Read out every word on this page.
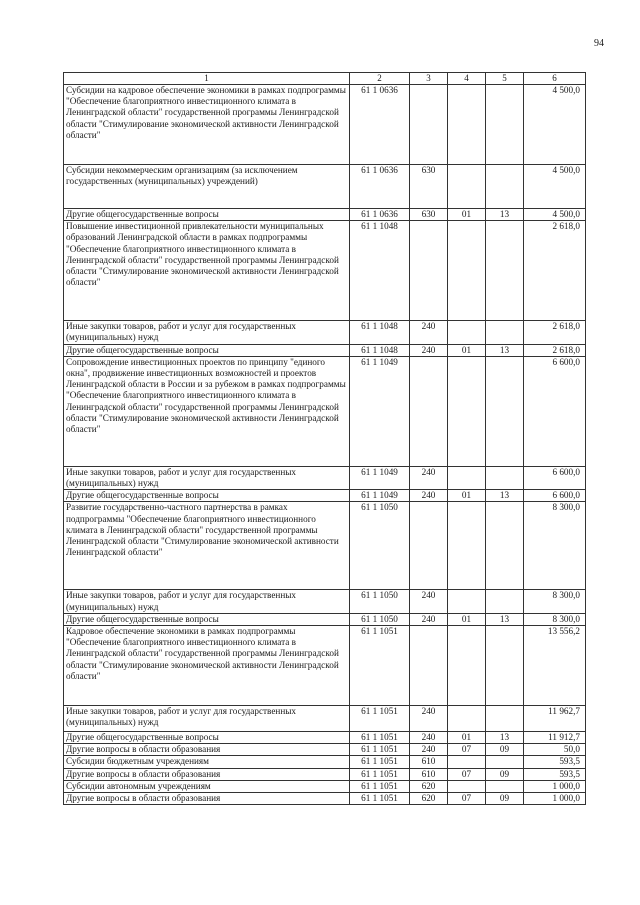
94
1	2	3	4	5	6
Субсидии на кадровое обеспечение экономики в рамках подпрограммы "Обеспечение благоприятного инвестиционного климата в Ленинградской области" государственной программы Ленинградской области "Стимулирование экономической активности Ленинградской области"	61 1 0636				4 500,0
Субсидии некоммерческим организациям (за исключением государственных (муниципальных) учреждений)	61 1 0636	630			4 500,0
Другие общегосударственные вопросы	61 1 0636	630	01	13	4 500,0
Повышение инвестиционной привлекательности муниципальных образований Ленинградской области в рамках подпрограммы "Обеспечение благоприятного инвестиционного климата в Ленинградской области" государственной программы Ленинградской области "Стимулирование экономической активности Ленинградской области"	61 1 1048				2 618,0
Иные закупки товаров, работ и услуг для государственных (муниципальных) нужд	61 1 1048	240			2 618,0
Другие общегосударственные вопросы	61 1 1048	240	01	13	2 618,0
Сопровождение инвестиционных проектов по принципу "единого окна", продвижение инвестиционных возможностей и проектов Ленинградской области в России и за рубежом в рамках подпрограммы "Обеспечение благоприятного инвестиционного климата в Ленинградской области" государственной программы Ленинградской области "Стимулирование экономической активности Ленинградской области"	61 1 1049				6 600,0
Иные закупки товаров, работ и услуг для государственных (муниципальных) нужд	61 1 1049	240			6 600,0
Другие общегосударственные вопросы	61 1 1049	240	01	13	6 600,0
Развитие государственно-частного партнерства в рамках подпрограммы "Обеспечение благоприятного инвестиционного климата в Ленинградской области" государственной программы Ленинградской области "Стимулирование экономической активности Ленинградской области"	61 1 1050				8 300,0
Иные закупки товаров, работ и услуг для государственных (муниципальных) нужд	61 1 1050	240			8 300,0
Другие общегосударственные вопросы	61 1 1050	240	01	13	8 300,0
Кадровое обеспечение экономики в рамках подпрограммы "Обеспечение благоприятного инвестиционного климата в Ленинградской области" государственной программы Ленинградской области "Стимулирование экономической активности Ленинградской области"	61 1 1051				13 556,2
Иные закупки товаров, работ и услуг для государственных (муниципальных) нужд	61 1 1051	240			11 962,7
Другие общегосударственные вопросы	61 1 1051	240	01	13	11 912,7
Другие вопросы в области образования	61 1 1051	240	07	09	50,0
Субсидии бюджетным учреждениям	61 1 1051	610			593,5
Другие вопросы в области образования	61 1 1051	610	07	09	593,5
Субсидии автономным учреждениям	61 1 1051	620			1 000,0
Другие вопросы в области образования	61 1 1051	620	07	09	1 000,0
